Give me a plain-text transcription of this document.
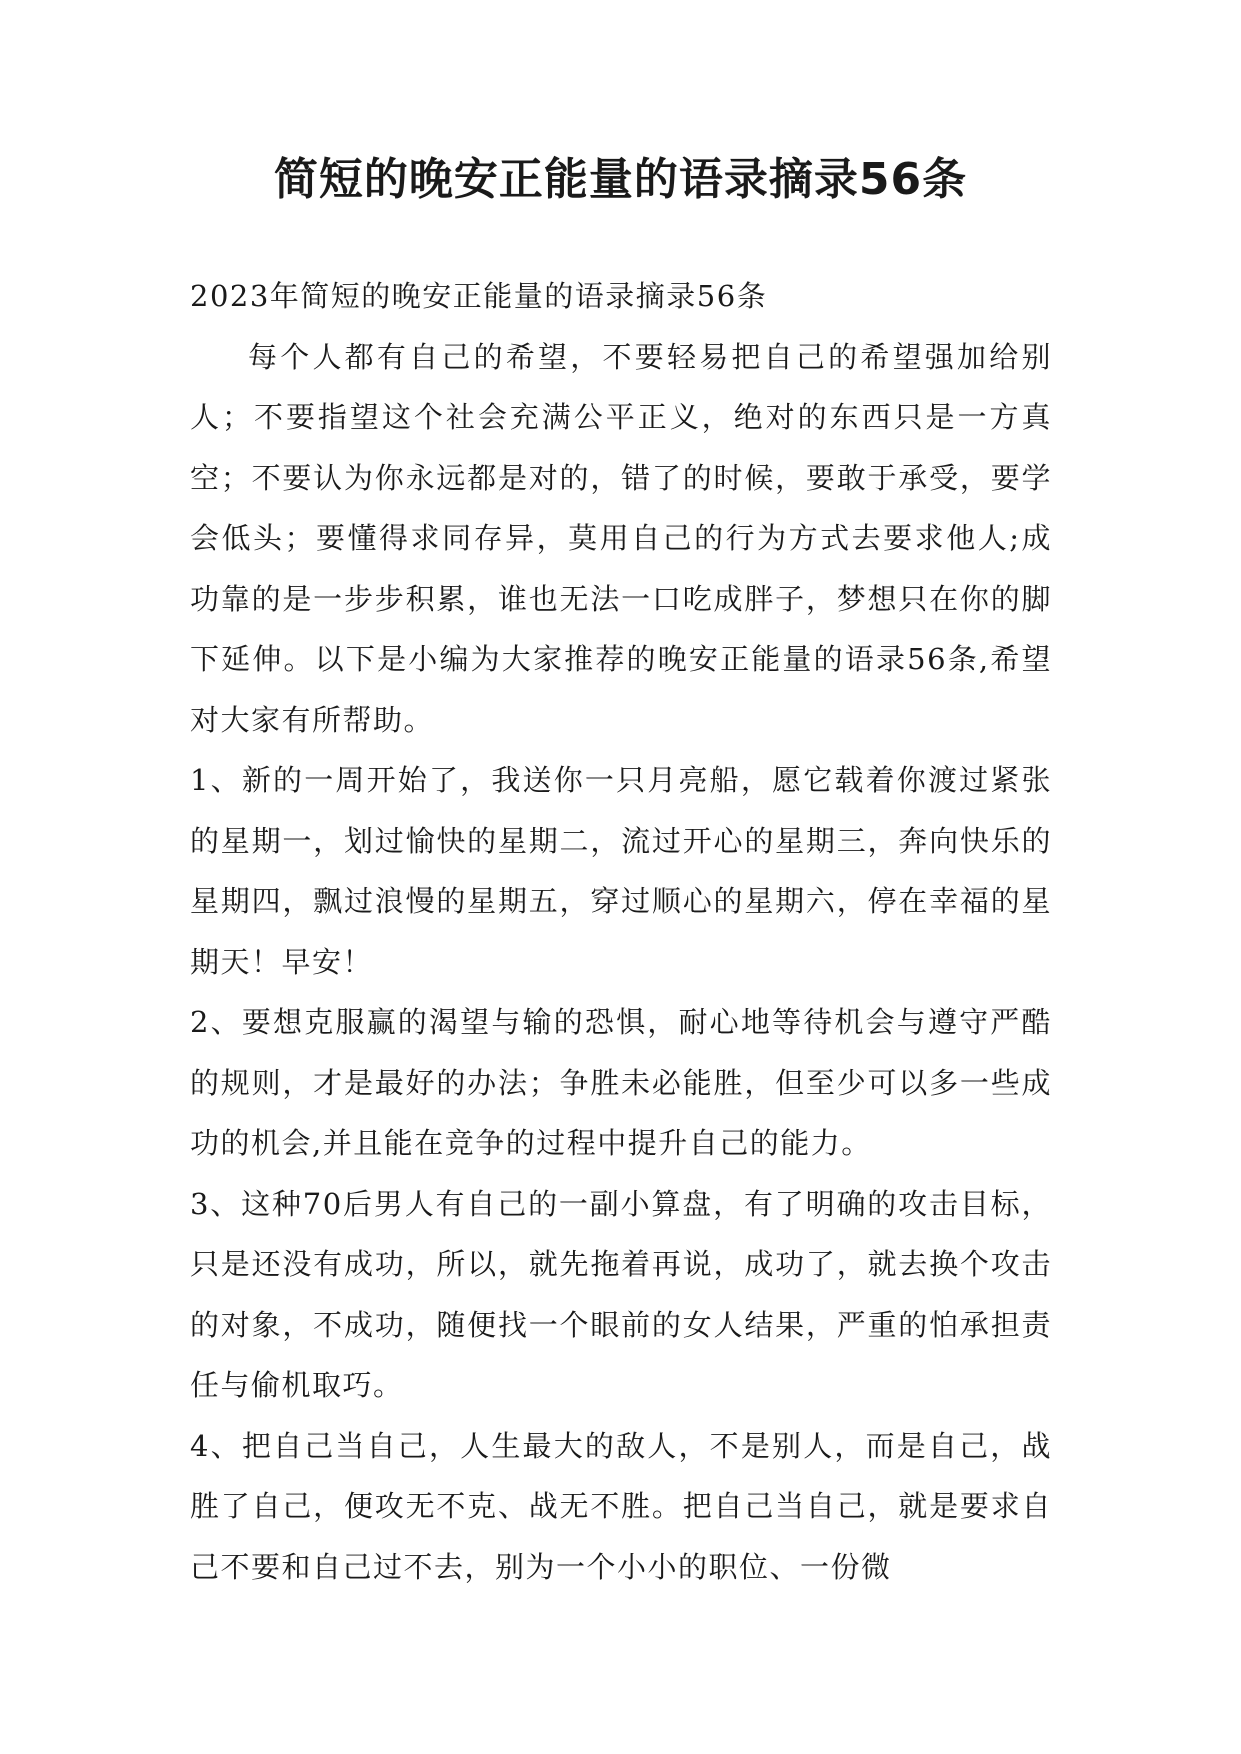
简短的晚安正能量的语录摘录56条

2023年简短的晚安正能量的语录摘录56条

每个人都有自己的希望，不要轻易把自己的希望强加给别人；不要指望这个社会充满公平正义，绝对的东西只是一方真空；不要认为你永远都是对的，错了的时候，要敢于承受，要学会低头；要懂得求同存异，莫用自己的行为方式去要求他人;成功靠的是一步步积累，谁也无法一口吃成胖子，梦想只在你的脚下延伸。以下是小编为大家推荐的晚安正能量的语录56条,希望对大家有所帮助。

1、新的一周开始了，我送你一只月亮船，愿它载着你渡过紧张的星期一，划过愉快的星期二，流过开心的星期三，奔向快乐的星期四，飘过浪慢的星期五，穿过顺心的星期六，停在幸福的星期天！早安！

2、要想克服赢的渴望与输的恐惧，耐心地等待机会与遵守严酷的规则，才是最好的办法；争胜未必能胜，但至少可以多一些成功的机会,并且能在竞争的过程中提升自己的能力。

3、这种70后男人有自己的一副小算盘，有了明确的攻击目标，只是还没有成功，所以，就先拖着再说，成功了，就去换个攻击的对象，不成功，随便找一个眼前的女人结果，严重的怕承担责任与偷机取巧。

4、把自己当自己，人生最大的敌人，不是别人，而是自己，战胜了自己，便攻无不克、战无不胜。把自己当自己，就是要求自己不要和自己过不去，别为一个小小的职位、一份微
